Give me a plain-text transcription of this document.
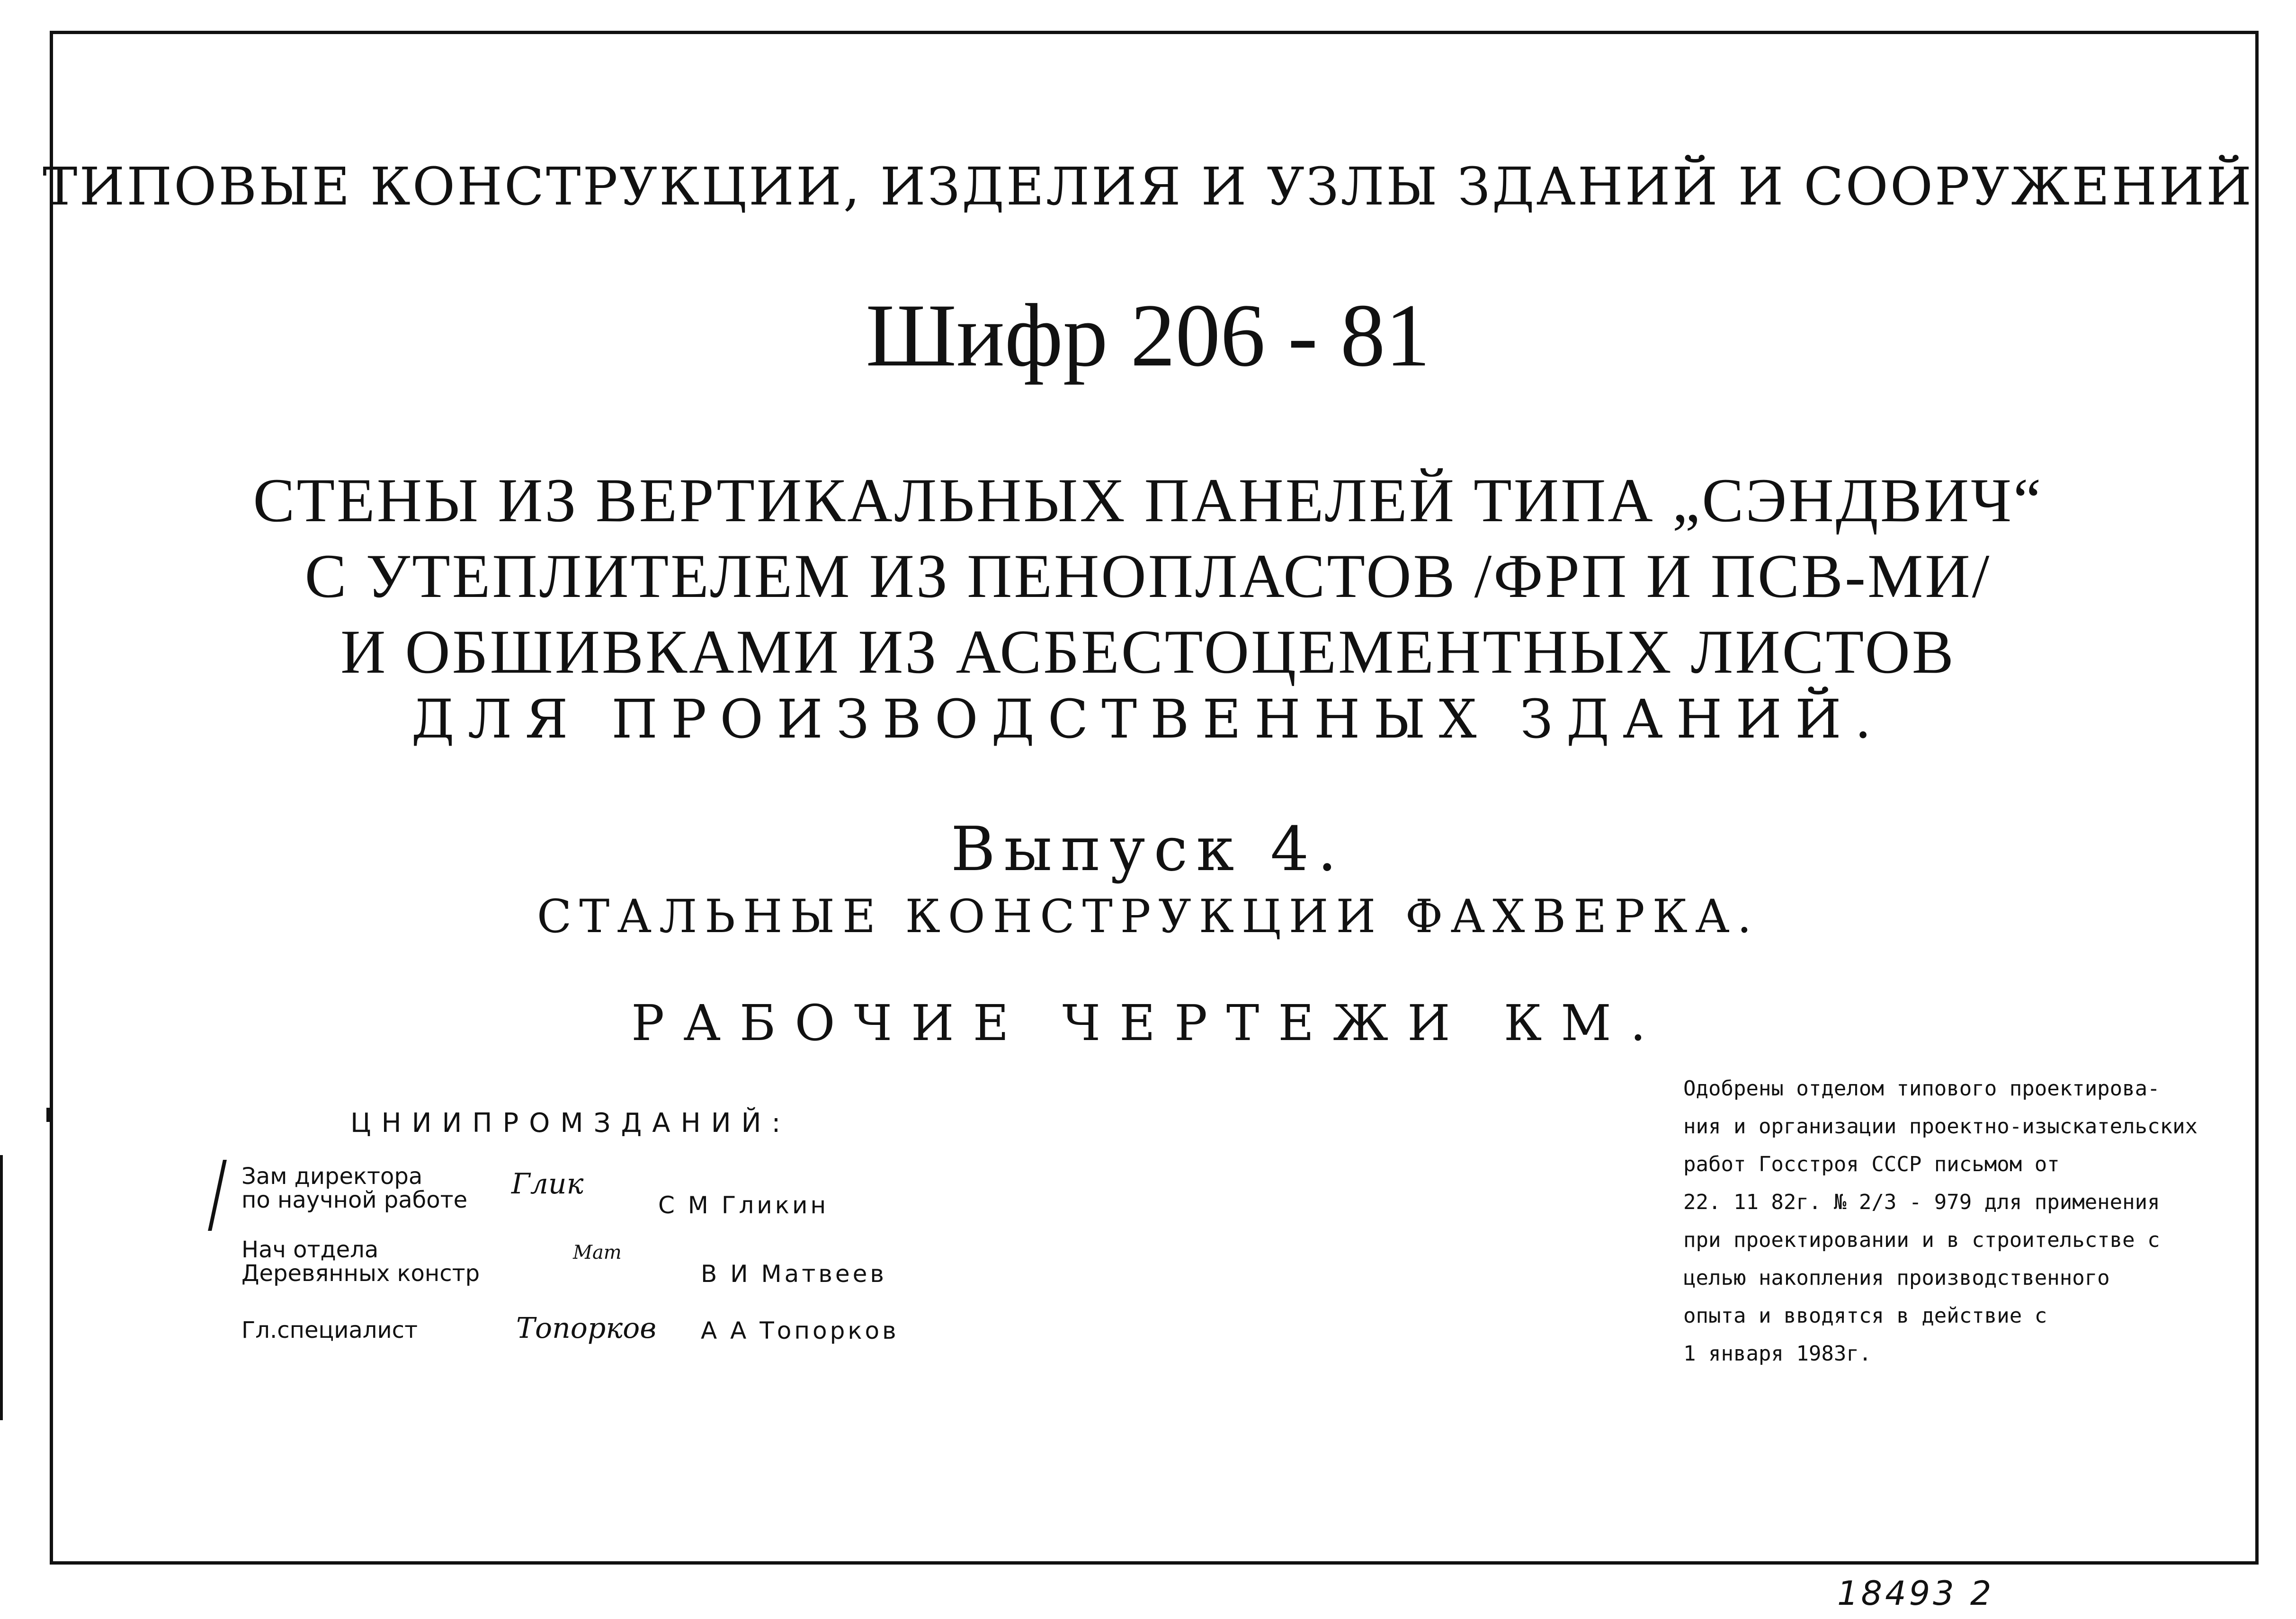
ТИПОВЫЕ КОНСТРУКЦИИ, ИЗДЕЛИЯ И УЗЛЫ ЗДАНИЙ И СООРУЖЕНИЙ
Шифр 206 - 81
СТЕНЫ ИЗ ВЕРТИКАЛЬНЫХ ПАНЕЛЕЙ ТИПА „СЭНДВИЧ“
С УТЕПЛИТЕЛЕМ ИЗ ПЕНОПЛАСТОВ /ФРП И ПСВ-МИ/
И ОБШИВКАМИ ИЗ АСБЕСТОЦЕМЕНТНЫХ ЛИСТОВ
ДЛЯ ПРОИЗВОДСТВЕННЫХ ЗДАНИЙ.
Выпуск 4.
СТАЛЬНЫЕ КОНСТРУКЦИИ ФАХВЕРКА.
РАБОЧИЕ ЧЕРТЕЖИ КМ.
ЦНИИПРОМЗДАНИЙ:
Зам директора
по научной работе	Глик
С М Гликин
Нач отдела
Деревянных констр
Мат
В И Матвеев
Гл.специалист	Топорков А А Топорков
Одобрены отделом типового проектирова-
ния и организации проектно-изыскательских
работ Госстроя СССР письмом от
22. 11 82г. № 2/3 - 979 для применения
при проектировании и в строительстве с
целью накопления производственного
опыта и вводятся в действие с
1 января 1983г.
18493 2
